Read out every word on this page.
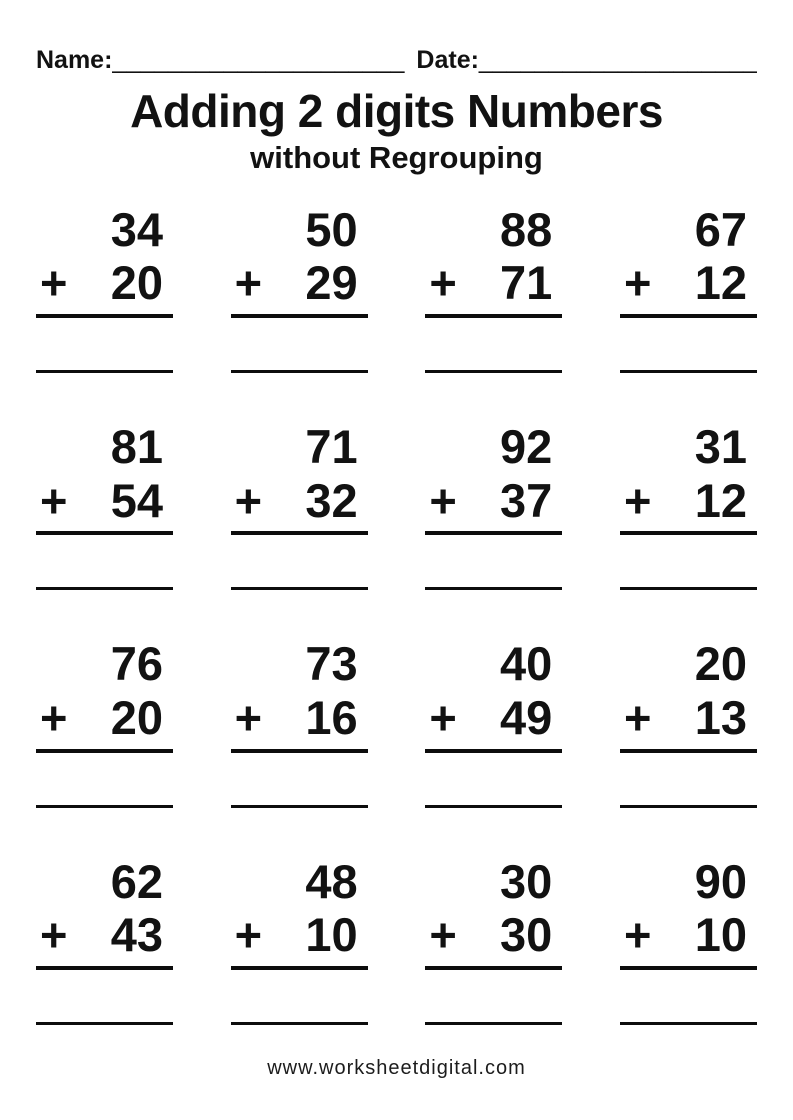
Name: _____________________ Date: ____________________
Adding 2 digits Numbers
without Regrouping
34
+ 20
50
+ 29
88
+ 71
67
+ 12
81
+ 54
71
+ 32
92
+ 37
31
+ 12
76
+ 20
73
+ 16
40
+ 49
20
+ 13
62
+ 43
48
+ 10
30
+ 30
90
+ 10
www.worksheetdigital.com
